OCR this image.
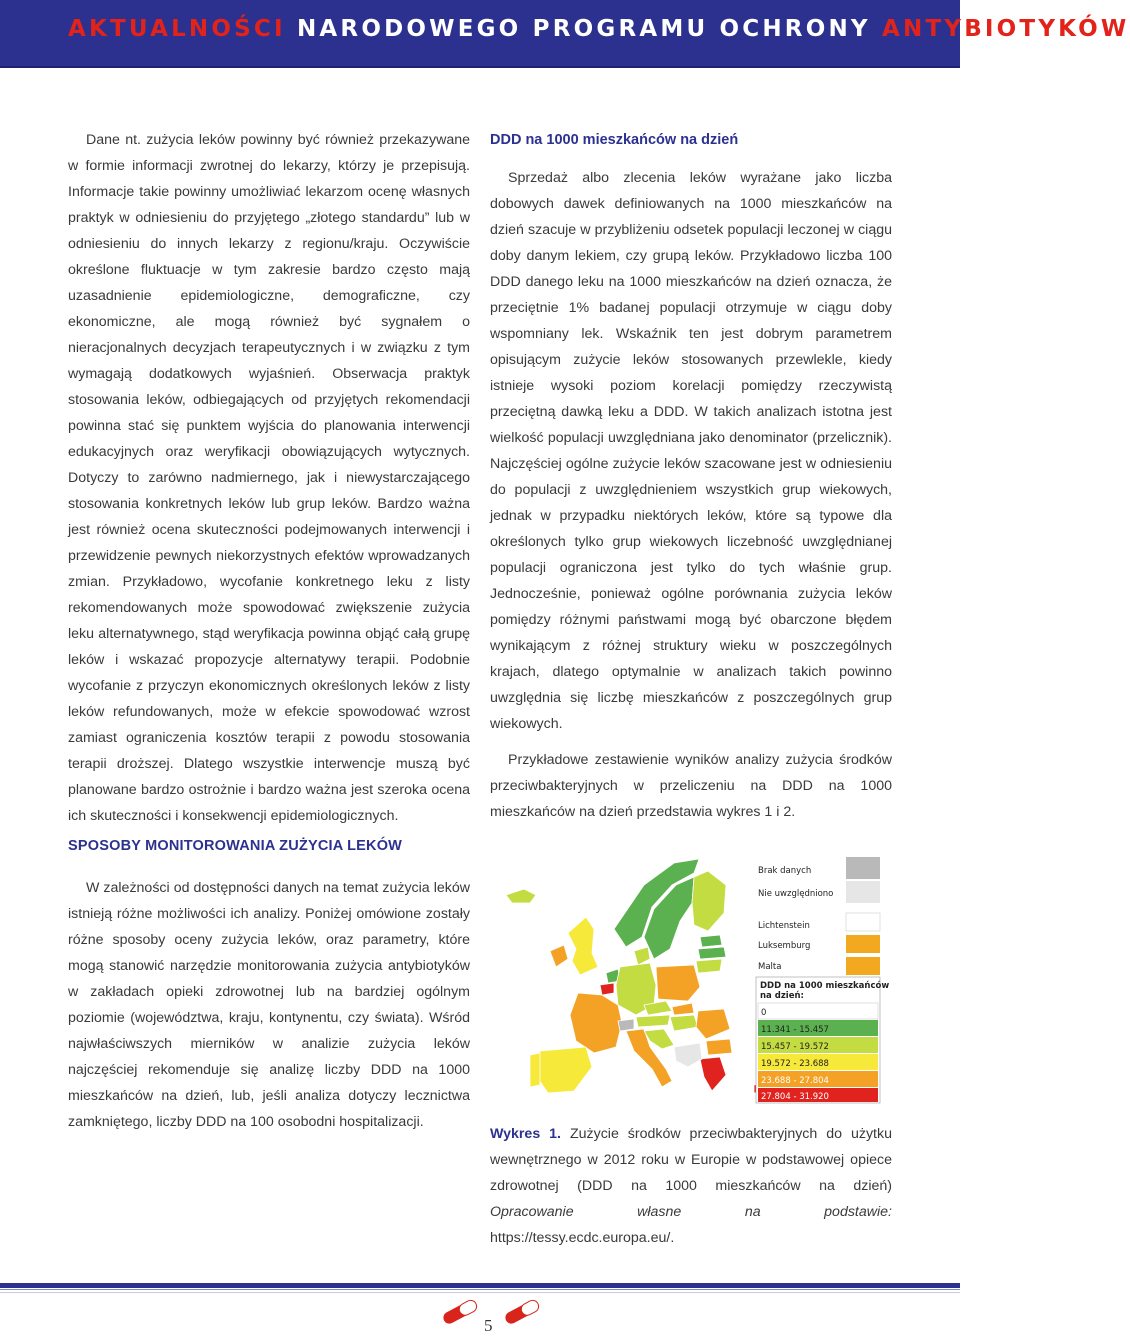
AKTUALNOŚCI NARODOWEGO PROGRAMU OCHRONY ANTYBIOTYKÓW

Dane nt. zużycia leków powinny być również przekazywane w formie informacji zwrotnej do lekarzy, którzy je przepisują. Informacje takie powinny umożliwiać lekarzom ocenę własnych praktyk w odniesieniu do przyjętego „złotego standardu” lub w odniesieniu do innych lekarzy z regionu/kraju. Oczywiście określone fluktuacje w tym zakresie bardzo często mają uzasadnienie epidemiologiczne, demograficzne, czy ekonomiczne, ale mogą również być sygnałem o nieracjonalnych decyzjach terapeutycznych i w związku z tym wymagają dodatkowych wyjaśnień. Obserwacja praktyk stosowania leków, odbiegających od przyjętych rekomendacji powinna stać się punktem wyjścia do planowania interwencji edukacyjnych oraz weryfikacji obowiązujących wytycznych. Dotyczy to zarówno nadmiernego, jak i niewystarczającego stosowania konkretnych leków lub grup leków. Bardzo ważna jest również ocena skuteczności podejmowanych interwencji i przewidzenie pewnych niekorzystnych efektów wprowadzanych zmian. Przykładowo, wycofanie konkretnego leku z listy rekomendowanych może spowodować zwiększenie zużycia leku alternatywnego, stąd weryfikacja powinna objąć całą grupę leków i wskazać propozycje alternatywy terapii. Podobnie wycofanie z przyczyn ekonomicznych określonych leków z listy leków refundowanych, może w efekcie spowodować wzrost zamiast ograniczenia kosztów terapii z powodu stosowania terapii droższej. Dlatego wszystkie interwencje muszą być planowane bardzo ostrożnie i bardzo ważna jest szeroka ocena ich skuteczności i konsekwencji epidemiologicznych.

SPOSOBY MONITOROWANIA ZUŻYCIA LEKÓW

W zależności od dostępności danych na temat zużycia leków istnieją różne możliwości ich analizy. Poniżej omówione zostały różne sposoby oceny zużycia leków, oraz parametry, które mogą stanowić narzędzie monitorowania zużycia antybiotyków w zakładach opieki zdrowotnej lub na bardziej ogólnym poziomie (województwa, kraju, kontynentu, czy świata). Wśród najwłaściwszych mierników w analizie zużycia leków najczęściej rekomenduje się analizę liczby DDD na 1000 mieszkańców na dzień, lub, jeśli analiza dotyczy lecznictwa zamkniętego, liczby DDD na 100 osobodni hospitalizacji.

DDD na 1000 mieszkańców na dzień

Sprzedaż albo zlecenia leków wyrażane jako liczba dobowych dawek definiowanych na 1000 mieszkańców na dzień szacuje w przybliżeniu odsetek populacji leczonej w ciągu doby danym lekiem, czy grupą leków. Przykładowo liczba 100 DDD danego leku na 1000 mieszkańców na dzień oznacza, że przeciętnie 1% badanej populacji otrzymuje w ciągu doby wspomniany lek. Wskaźnik ten jest dobrym parametrem opisującym zużycie leków stosowanych przewlekle, kiedy istnieje wysoki poziom korelacji pomiędzy rzeczywistą przeciętną dawką leku a DDD. W takich analizach istotna jest wielkość populacji uwzględniana jako denominator (przelicznik). Najczęściej ogólne zużycie leków szacowane jest w odniesieniu do populacji z uwzględnieniem wszystkich grup wiekowych, jednak w przypadku niektórych leków, które są typowe dla określonych tylko grup wiekowych liczebność uwzględnianej populacji ograniczona jest tylko do tych właśnie grup. Jednocześnie, ponieważ ogólne porównania zużycia leków pomiędzy różnymi państwami mogą być obarczone błędem wynikającym z różnej struktury wieku w poszczególnych krajach, dlatego optymalnie w analizach takich powinno uwzględnia się liczbę mieszkańców z poszczególnych grup wiekowych.

Przykładowe zestawienie wyników analizy zużycia środków przeciwbakteryjnych w przeliczeniu na DDD na 1000 mieszkańców na dzień przedstawia wykres 1 i 2.

Brak danych
Nie uwzględniono
Lichtenstein
Luksemburg
Malta
DDD na 1000 mieszkańców
na dzień:
0
11.341 - 15.457
15.457 - 19.572
19.572 - 23.688
23.688 - 27.804
27.804 - 31.920
Wykres 1. Zużycie środków przeciwbakteryjnych do użytku wewnętrznego w 2012 roku w Europie w podstawowej opiece zdrowotnej (DDD na 1000 mieszkańców na dzień) Opracowanie własne na podstawie: https://tessy.ecdc.europa.eu/.
5
